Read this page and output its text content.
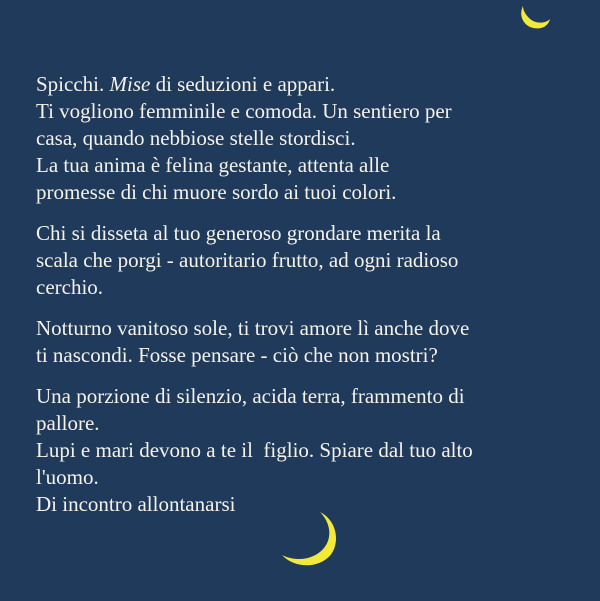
Spicchi. Mise di seduzioni e appari.
Ti vogliono femminile e comoda. Un sentiero per
casa, quando nebbiose stelle stordisci.
La tua anima è felina gestante, attenta alle
promesse di chi muore sordo ai tuoi colori.
Chi si disseta al tuo generoso grondare merita la
scala che porgi - autoritario frutto, ad ogni radioso
cerchio.
Notturno vanitoso sole, ti trovi amore lì anche dove
ti nascondi. Fosse pensare - ciò che non mostri?
Una porzione di silenzio, acida terra, frammento di
pallore.
Lupi e mari devono a te il  figlio. Spiare dal tuo alto
l'uomo.
Di incontro allontanarsi
